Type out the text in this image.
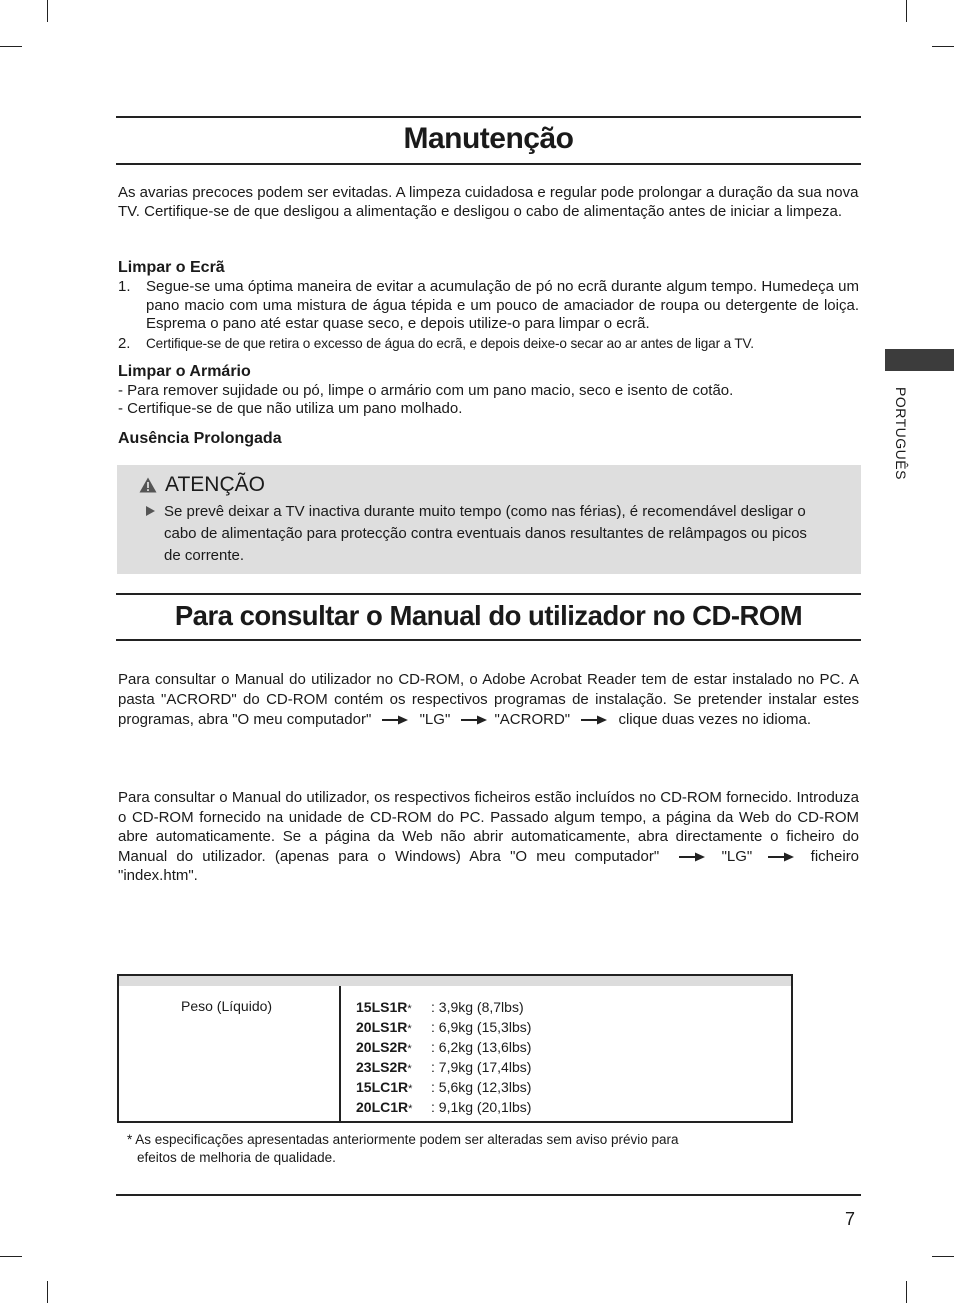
Manutenção

As avarias precoces podem ser evitadas. A limpeza cuidadosa e regular pode prolongar a duração da sua nova TV. Certifique-se de que desligou a alimentação e desligou o cabo de alimentação antes de iniciar a limpeza.

Limpar o Ecrã
1. Segue-se uma óptima maneira de evitar a acumulação de pó no ecrã durante algum tempo. Humedeça um pano macio com uma mistura de água tépida e um pouco de amaciador de roupa ou detergente de loiça. Esprema o pano até estar quase seco, e depois utilize-o para limpar o ecrã.
2. Certifique-se de que retira o excesso de água do ecrã, e depois deixe-o secar ao ar antes de ligar a TV.
Limpar o Armário

- Para remover sujidade ou pó, limpe o armário com um pano macio, seco e isento de cotão.

- Certifique-se de que não utiliza um pano molhado.

Ausência Prolongada
ATENÇÃO
Se prevê deixar a TV inactiva durante muito tempo (como nas férias), é recomendável desligar o cabo de alimentação para protecção contra eventuais danos resultantes de relâmpagos ou picos de corrente.
Para consultar o Manual do utilizador no CD-ROM

Para consultar o Manual do utilizador no CD-ROM, o Adobe Acrobat Reader tem de estar instalado no PC. A pasta "ACRORD" do CD-ROM contém os respectivos programas de instalação. Se pretender instalar estes programas, abra "O meu computador"	"LG"	"ACRORD"	clique duas vezes no idioma.

Para consultar o Manual do utilizador, os respectivos ficheiros estão incluídos no CD-ROM fornecido. Introduza o CD-ROM fornecido na unidade de CD-ROM do PC. Passado algum tempo, a página da Web do CD-ROM abre automaticamente. Se a página da Web não abrir automaticamente, abra directamente o ficheiro do Manual do utilizador. (apenas para o Windows) Abra "O meu computador"	"LG"	ficheiro "index.htm".

Peso (Líquido)	15LS1R* : 3,9kg (8,7lbs)
20LS1R* : 6,9kg (15,3lbs)
20LS2R* : 6,2kg (13,6lbs)
23LS2R* : 7,9kg (17,4lbs)
15LC1R* : 5,6kg (12,3lbs)
20LC1R* : 9,1kg (20,1lbs)
* As especificações apresentadas anteriormente podem ser alteradas sem aviso prévio para
efeitos de melhoria de qualidade.
7
PORTUGUÊS
